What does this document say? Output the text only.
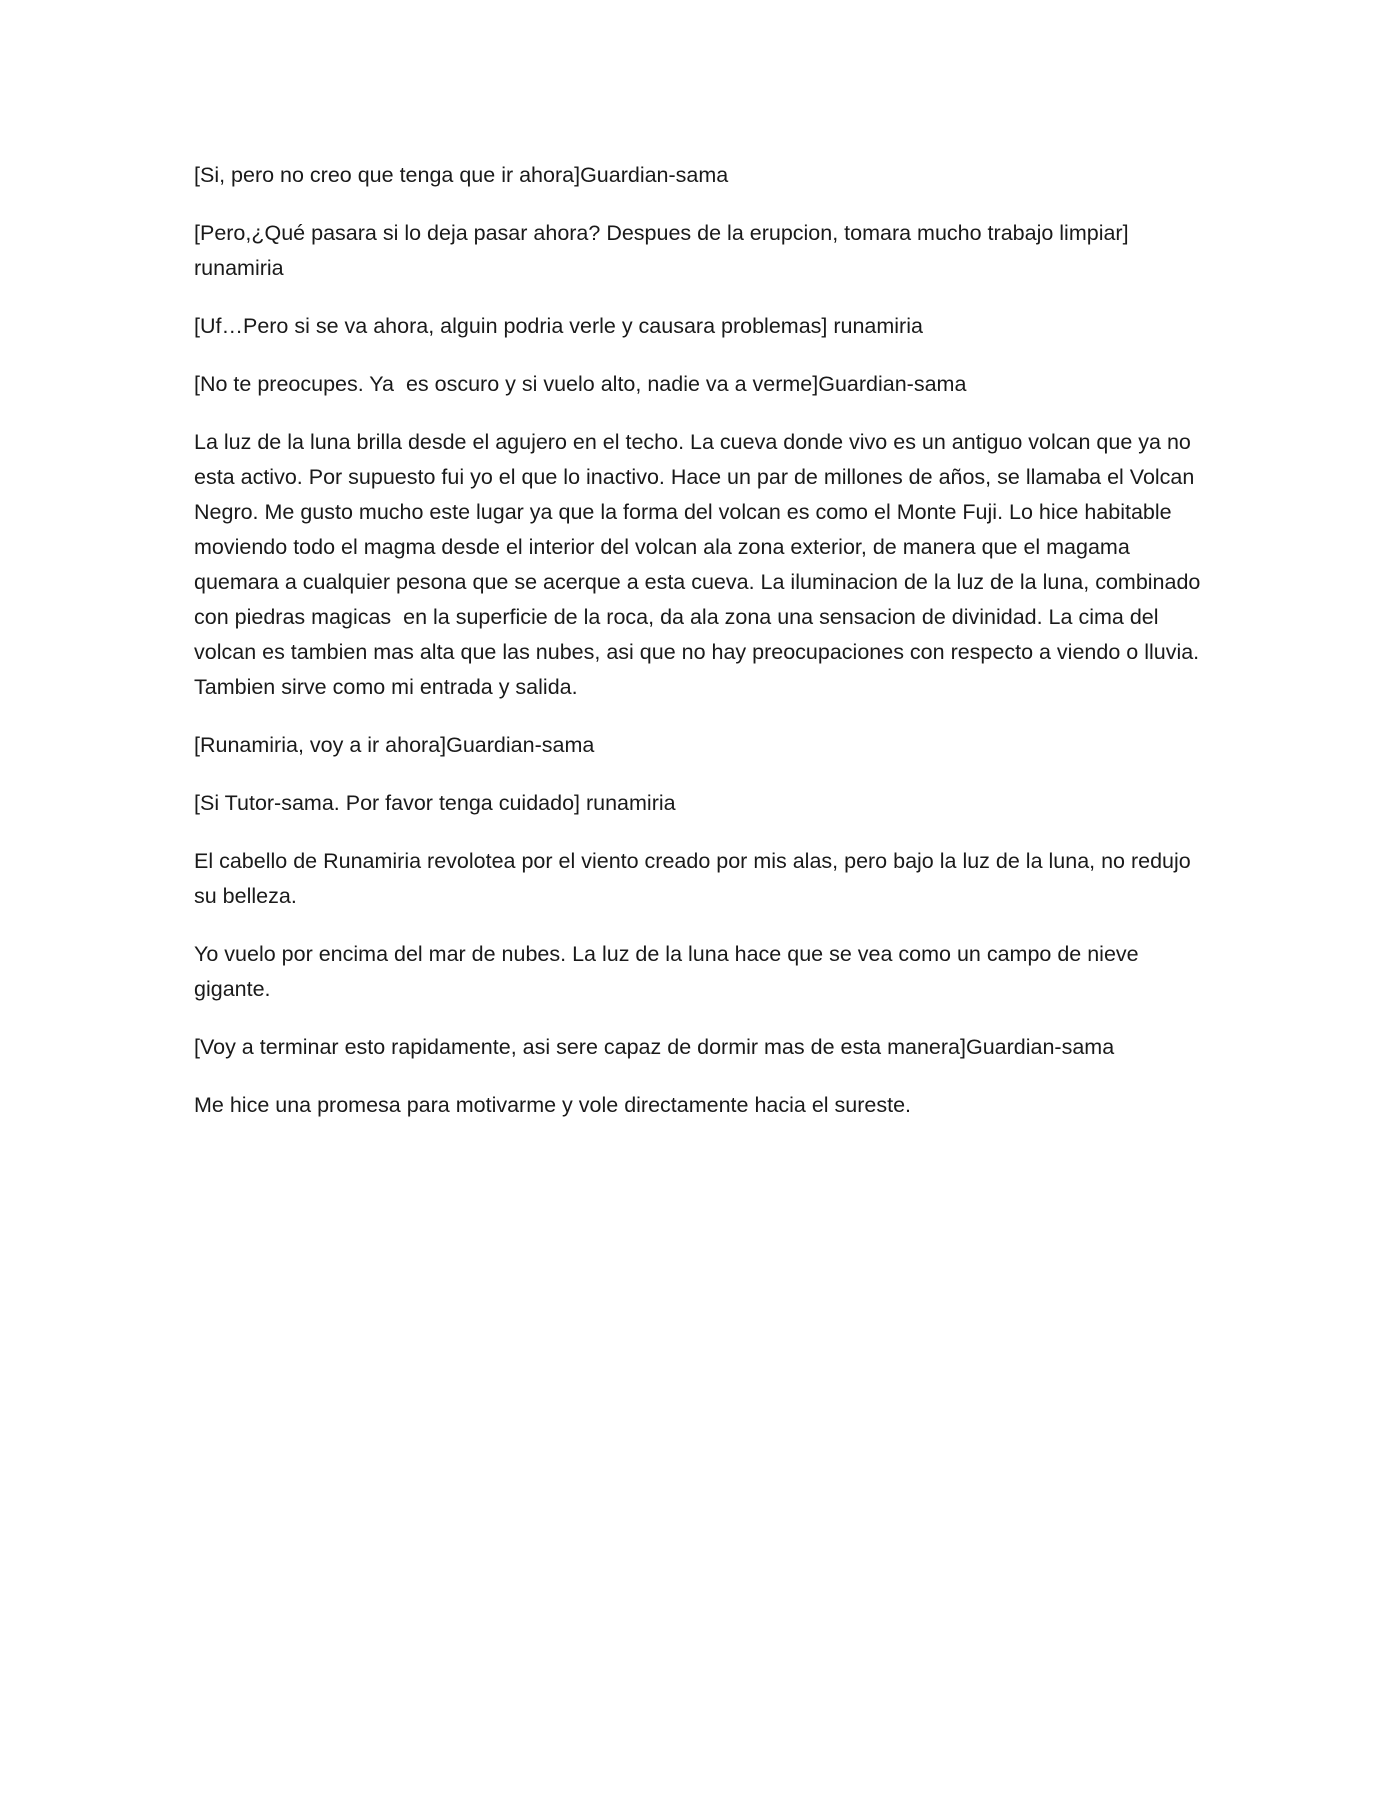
[Si, pero no creo que tenga que ir ahora]Guardian-sama

[Pero,¿Qué pasara si lo deja pasar ahora? Despues de la erupcion, tomara mucho trabajo limpiar] runamiria

[Uf…Pero si se va ahora, alguin podria verle y causara problemas] runamiria

[No te preocupes. Ya  es oscuro y si vuelo alto, nadie va a verme]Guardian-sama

La luz de la luna brilla desde el agujero en el techo. La cueva donde vivo es un antiguo volcan que ya no esta activo. Por supuesto fui yo el que lo inactivo. Hace un par de millones de años, se llamaba el Volcan Negro. Me gusto mucho este lugar ya que la forma del volcan es como el Monte Fuji. Lo hice habitable moviendo todo el magma desde el interior del volcan ala zona exterior, de manera que el magama quemara a cualquier pesona que se acerque a esta cueva. La iluminacion de la luz de la luna, combinado con piedras magicas  en la superficie de la roca, da ala zona una sensacion de divinidad. La cima del volcan es tambien mas alta que las nubes, asi que no hay preocupaciones con respecto a viendo o lluvia. Tambien sirve como mi entrada y salida.

[Runamiria, voy a ir ahora]Guardian-sama

[Si Tutor-sama. Por favor tenga cuidado] runamiria

El cabello de Runamiria revolotea por el viento creado por mis alas, pero bajo la luz de la luna, no redujo su belleza.

Yo vuelo por encima del mar de nubes. La luz de la luna hace que se vea como un campo de nieve gigante.

[Voy a terminar esto rapidamente, asi sere capaz de dormir mas de esta manera]Guardian-sama

Me hice una promesa para motivarme y vole directamente hacia el sureste.
